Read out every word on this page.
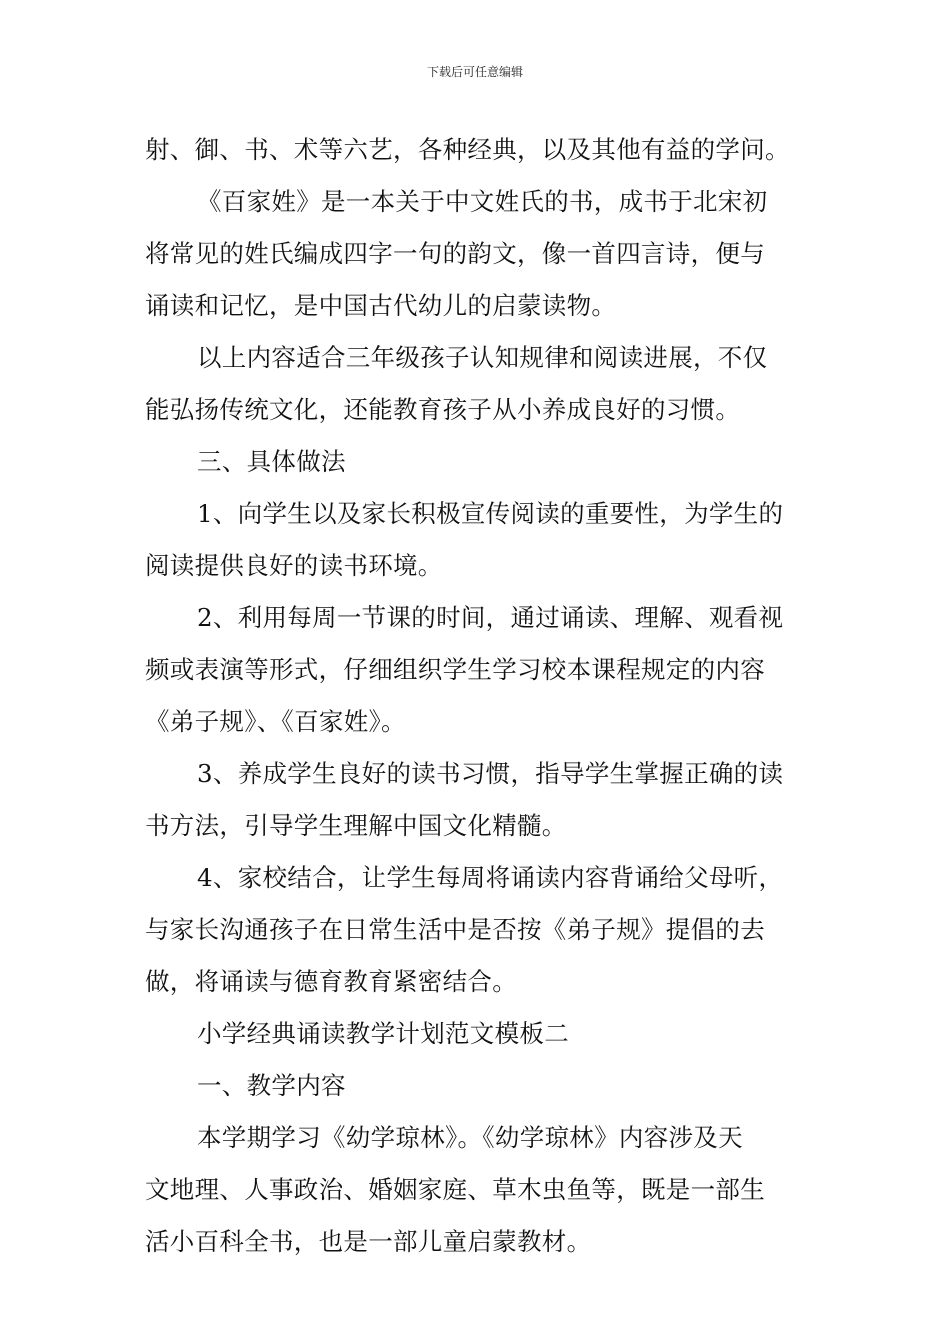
下载后可任意编辑
射、御、书、术等六艺，各种经典，以及其他有益的学问。
《百家姓》是一本关于中文姓氏的书，成书于北宋初
将常见的姓氏编成四字一句的韵文，像一首四言诗，便与
诵读和记忆，是中国古代幼儿的启蒙读物。
以上内容适合三年级孩子认知规律和阅读进展，不仅
能弘扬传统文化，还能教育孩子从小养成良好的习惯。
三、具体做法
1、向学生以及家长积极宣传阅读的重要性，为学生的
阅读提供良好的读书环境。
2、利用每周一节课的时间，通过诵读、理解、观看视
频或表演等形式，仔细组织学生学习校本课程规定的内容
《弟子规》、《百家姓》。
3、养成学生良好的读书习惯，指导学生掌握正确的读
书方法，引导学生理解中国文化精髓。
4、家校结合，让学生每周将诵读内容背诵给父母听，
与家长沟通孩子在日常生活中是否按《弟子规》提倡的去
做，将诵读与德育教育紧密结合。
小学经典诵读教学计划范文模板二
一、教学内容
本学期学习《幼学琼林》。《幼学琼林》内容涉及天
文地理、人事政治、婚姻家庭、草木虫鱼等，既是一部生
活小百科全书，也是一部儿童启蒙教材。
